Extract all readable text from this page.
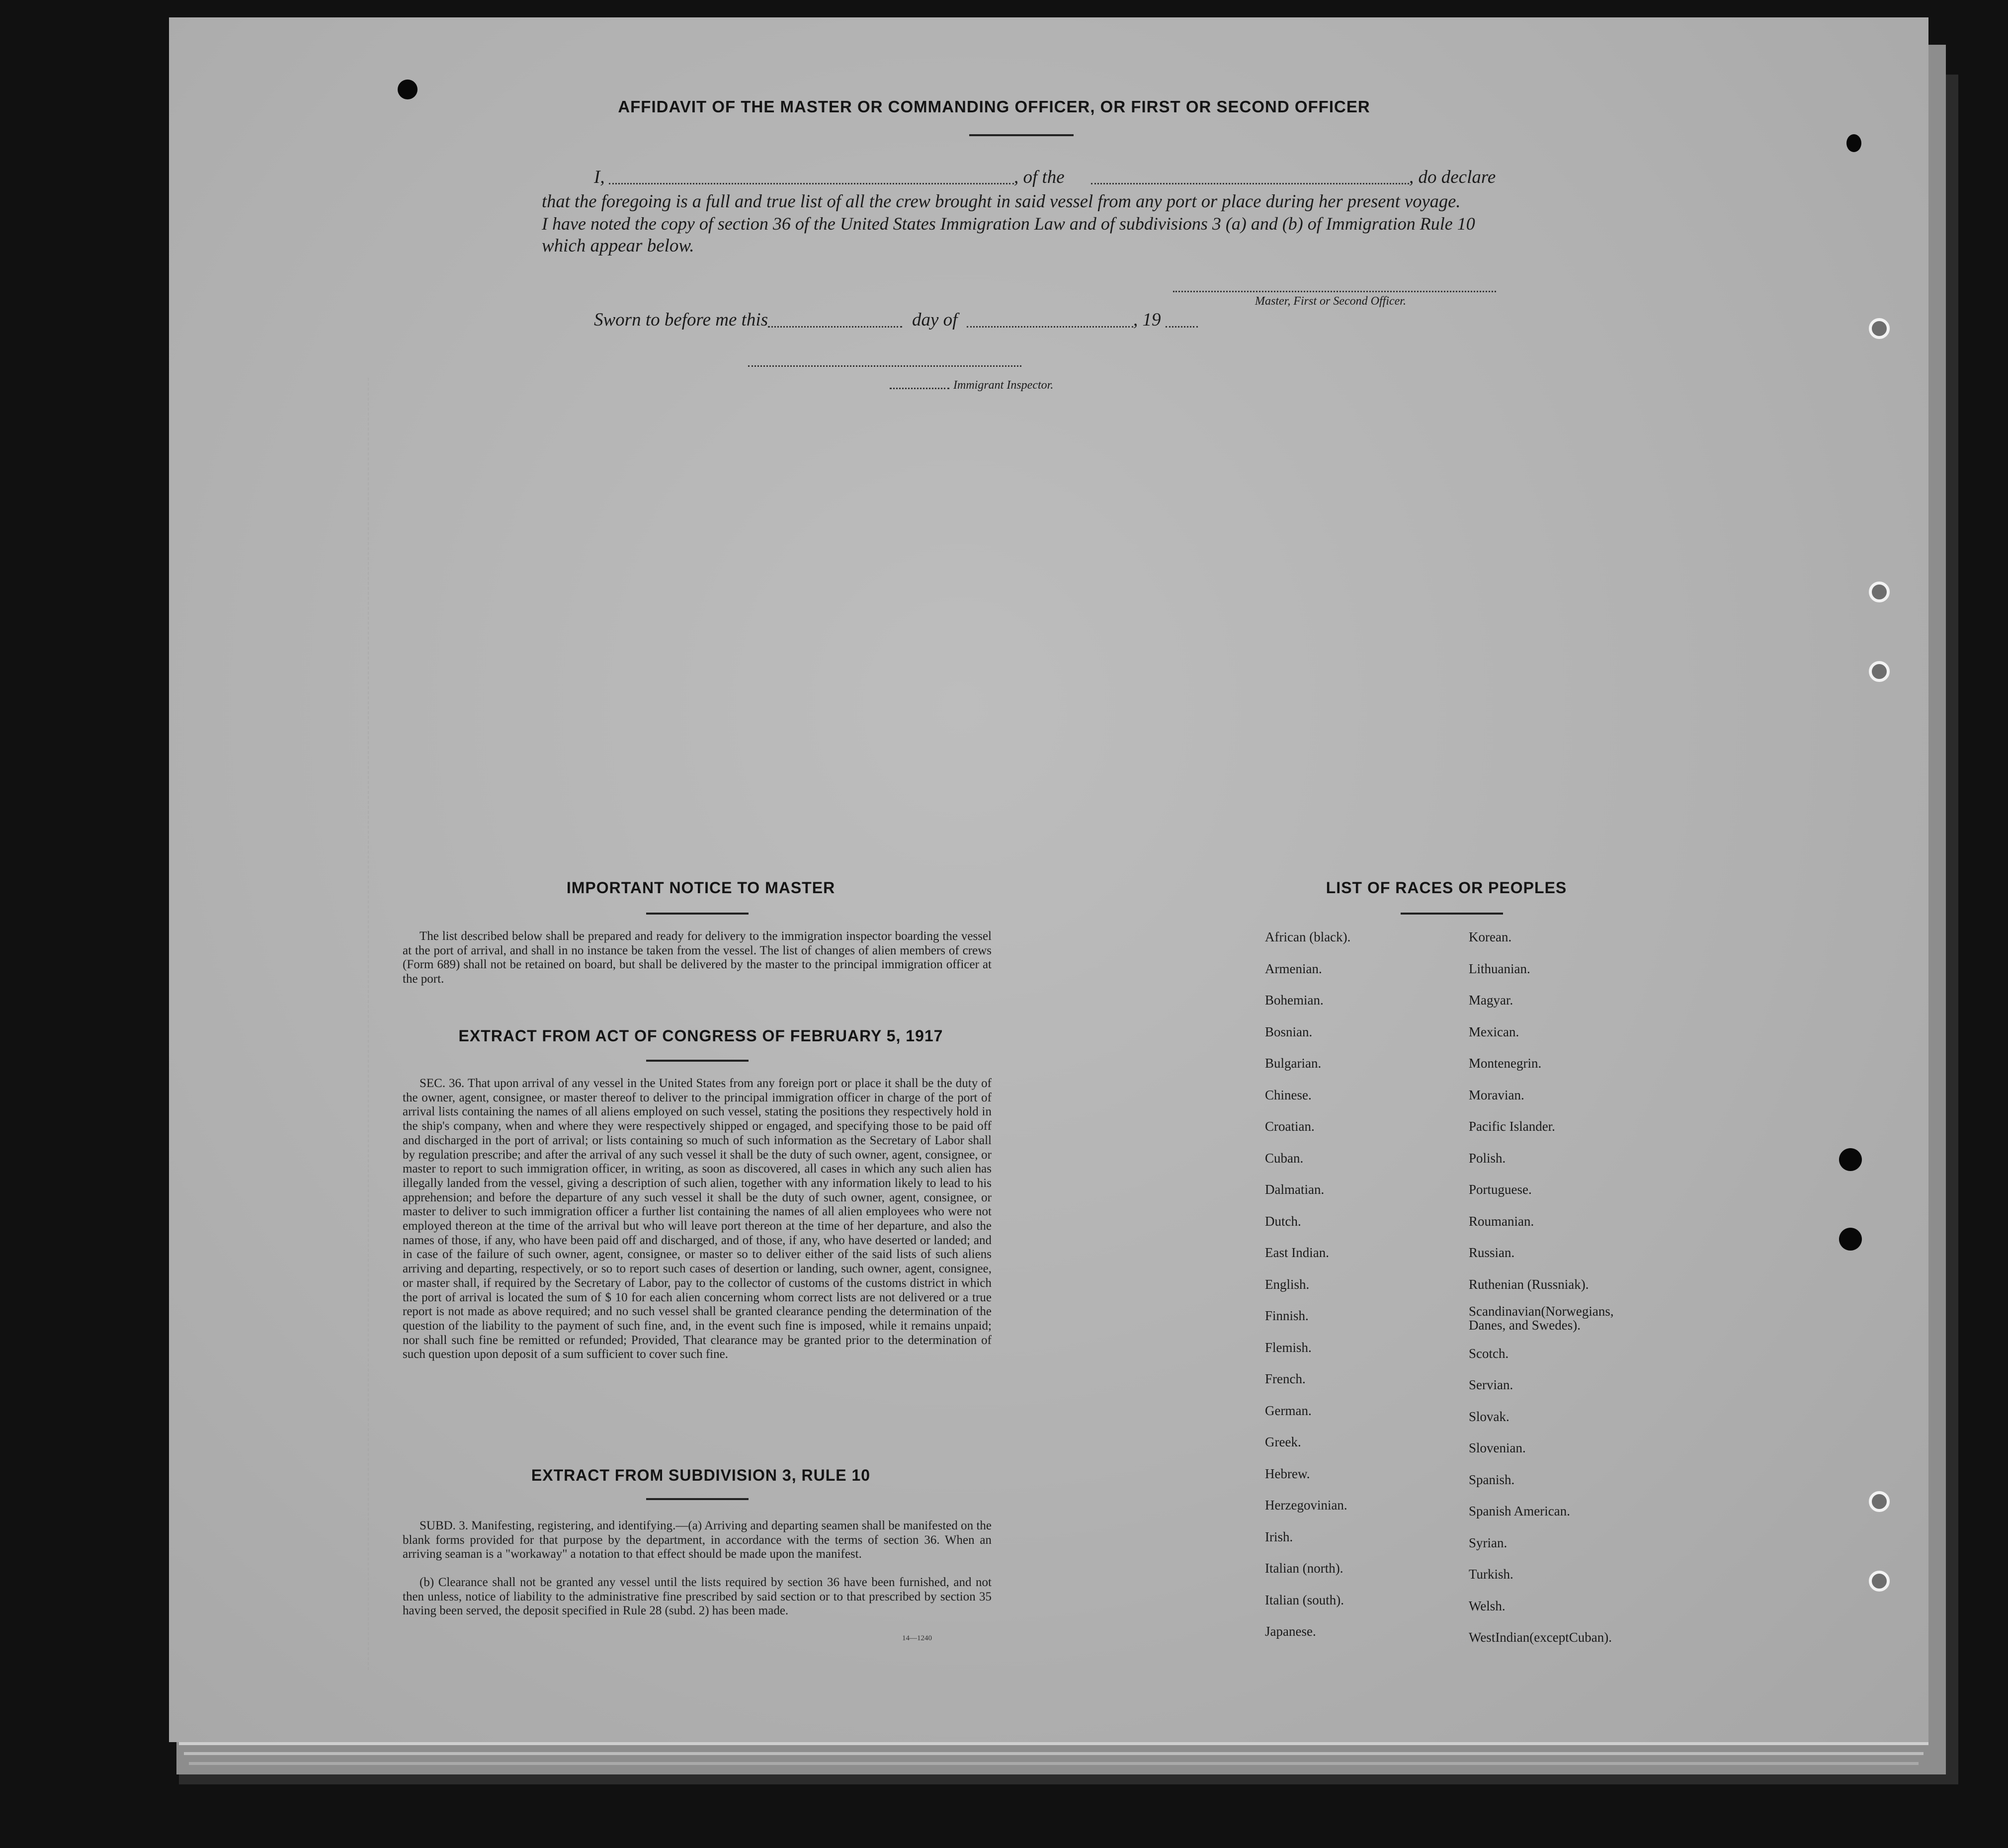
AFFIDAVIT OF THE MASTER OR COMMANDING OFFICER, OR FIRST OR SECOND OFFICER
I,	, of the	, do declare
that the foregoing is a full and true list of all the crew brought in said vessel from any port or place during her present voyage.
I have noted the copy of section 36 of the United States Immigration Law and of subdivisions 3 (a) and (b) of Immigration Rule 10
which appear below.
Master, First or Second Officer.
Sworn to before me this	day of	, 19
Immigrant Inspector.
IMPORTANT NOTICE TO MASTER
The list described below shall be prepared and ready for delivery to the immigration inspector boarding the vessel at the port of arrival, and shall in no instance be taken from the vessel. The list of changes of alien members of crews (Form 689) shall not be retained on board, but shall be delivered by the master to the principal immigration officer at the port.
EXTRACT FROM ACT OF CONGRESS OF FEBRUARY 5, 1917
SEC. 36. That upon arrival of any vessel in the United States from any foreign port or place it shall be the duty of the owner, agent, consignee, or master thereof to deliver to the principal immigration officer in charge of the port of arrival lists containing the names of all aliens employed on such vessel, stating the positions they respectively hold in the ship's company, when and where they were respectively shipped or engaged, and specifying those to be paid off and discharged in the port of arrival; or lists containing so much of such information as the Secretary of Labor shall by regulation prescribe; and after the arrival of any such vessel it shall be the duty of such owner, agent, consignee, or master to report to such immigration officer, in writing, as soon as discovered, all cases in which any such alien has illegally landed from the vessel, giving a description of such alien, together with any information likely to lead to his apprehension; and before the departure of any such vessel it shall be the duty of such owner, agent, consignee, or master to deliver to such immigration officer a further list containing the names of all alien employees who were not employed thereon at the time of the arrival but who will leave port thereon at the time of her departure, and also the names of those, if any, who have been paid off and discharged, and of those, if any, who have deserted or landed; and in case of the failure of such owner, agent, consignee, or master so to deliver either of the said lists of such aliens arriving and departing, respectively, or so to report such cases of desertion or landing, such owner, agent, consignee, or master shall, if required by the Secretary of Labor, pay to the collector of customs of the customs district in which the port of arrival is located the sum of $ 10 for each alien concerning whom correct lists are not delivered or a true report is not made as above required; and no such vessel shall be granted clearance pending the determination of the question of the liability to the payment of such fine, and, in the event such fine is imposed, while it remains unpaid; nor shall such fine be remitted or refunded; Provided, That clearance may be granted prior to the determination of such question upon deposit of a sum sufficient to cover such fine.
EXTRACT FROM SUBDIVISION 3, RULE 10
SUBD. 3. Manifesting, registering, and identifying.—(a) Arriving and departing seamen shall be manifested on the blank forms provided for that purpose by the department, in accordance with the terms of section 36. When an arriving seaman is a "workaway" a notation to that effect should be made upon the manifest.
(b) Clearance shall not be granted any vessel until the lists required by section 36 have been furnished, and not then unless, notice of liability to the administrative fine prescribed by said section or to that prescribed by section 35 having been served, the deposit specified in Rule 28 (subd. 2) has been made.
14—1240
LIST OF RACES OR PEOPLES
African (black).
Armenian.
Bohemian.
Bosnian.
Bulgarian.
Chinese.
Croatian.
Cuban.
Dalmatian.
Dutch.
East Indian.
English.
Finnish.
Flemish.
French.
German.
Greek.
Hebrew.
Herzegovinian.
Irish.
Italian (north).
Italian (south).
Japanese.
Korean.
Lithuanian.
Magyar.
Mexican.
Montenegrin.
Moravian.
Pacific Islander.
Polish.
Portuguese.
Roumanian.
Russian.
Ruthenian (Russniak).
Scandinavian(Norwegians, Danes, and Swedes).
Scotch.
Servian.
Slovak.
Slovenian.
Spanish.
Spanish American.
Syrian.
Turkish.
Welsh.
WestIndian(exceptCuban).
